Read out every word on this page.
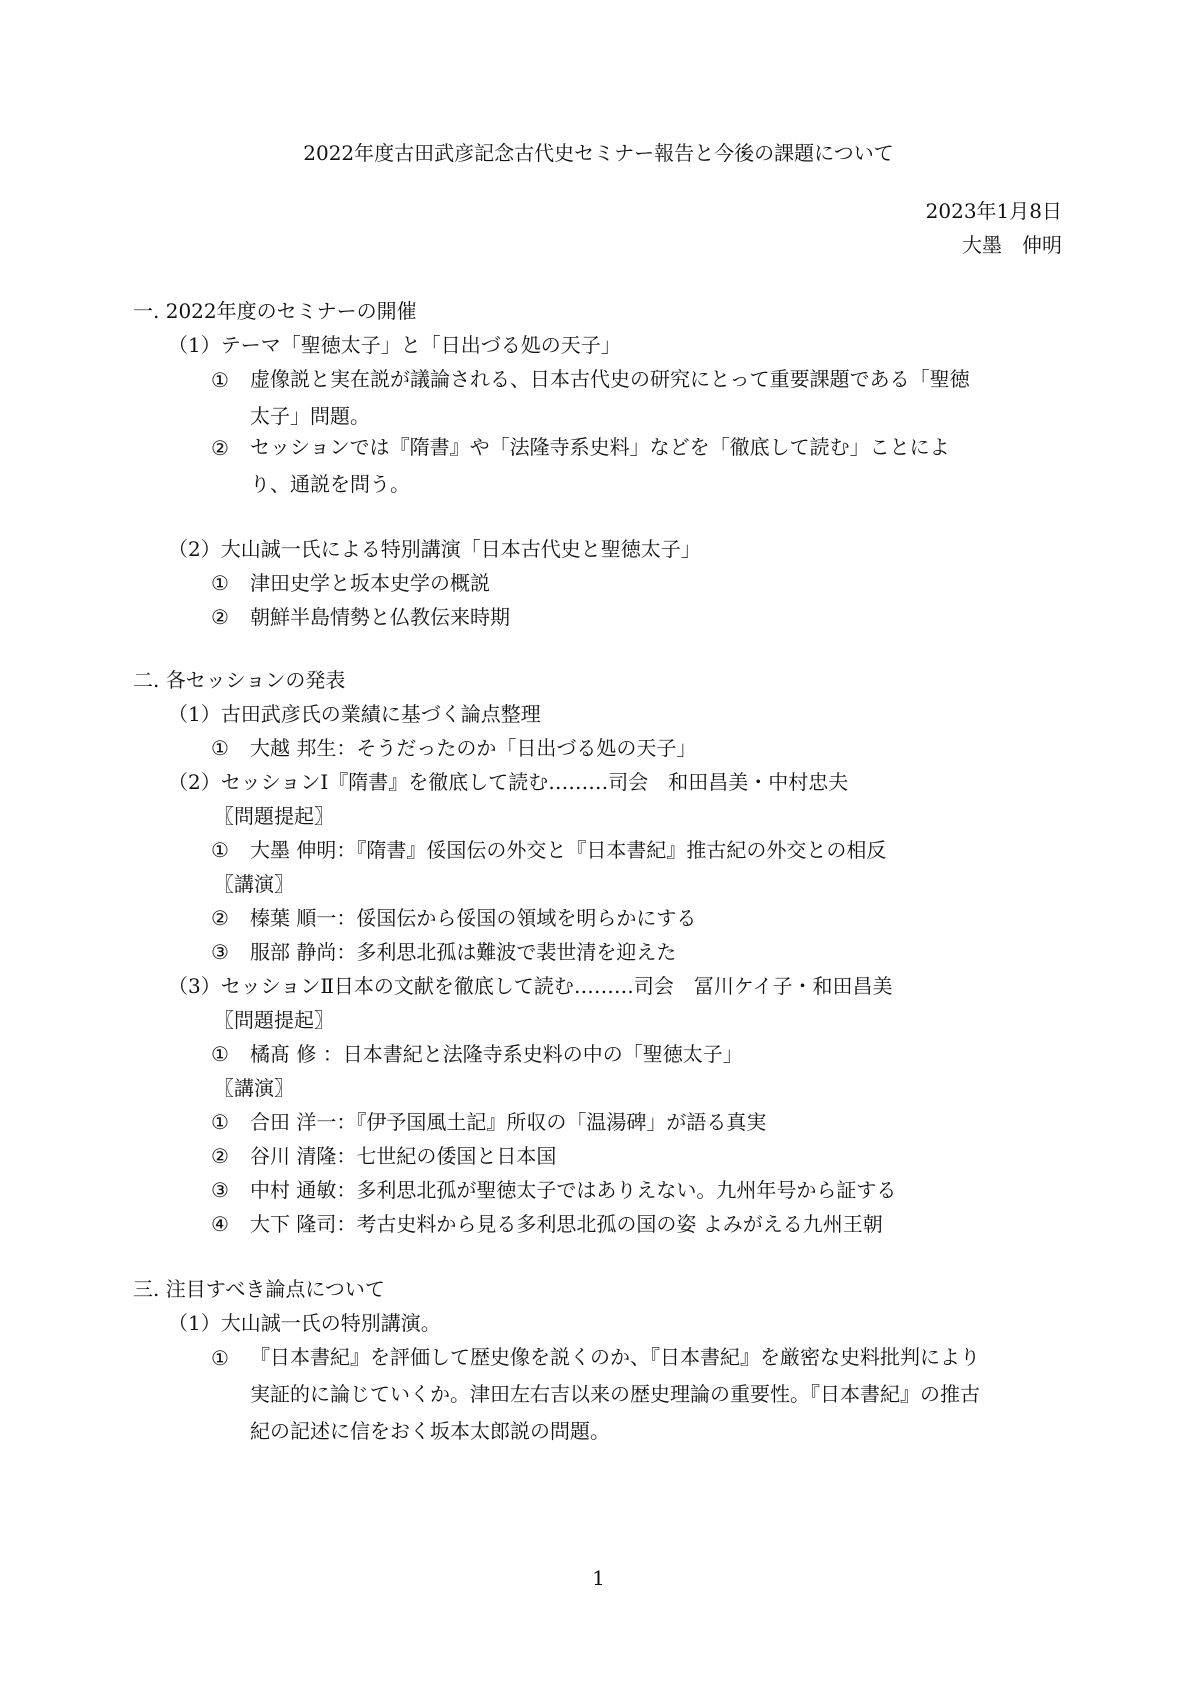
2022年度古田武彦記念古代史セミナー報告と今後の課題について
2023年1月8日
大墨　伸明
一. 2022年度のセミナーの開催
（1）テーマ「聖徳太子」と「日出づる処の天子」
① 虚像説と実在説が議論される、日本古代史の研究にとって重要課題である「聖徳太子」問題。
② セッションでは『隋書』や「法隆寺系史料」などを「徹底して読む」ことにより、通説を問う。
（2）大山誠一氏による特別講演「日本古代史と聖徳太子」
① 津田史学と坂本史学の概説
② 朝鮮半島情勢と仏教伝来時期
二. 各セッションの発表
（1）古田武彦氏の業績に基づく論点整理
① 大越 邦生：そうだったのか「日出づる処の天子」
（2）セッションⅠ『隋書』を徹底して読む………司会　和田昌美・中村忠夫
〖問題提起〗
① 大墨 伸明：『隋書』俀国伝の外交と『日本書紀』推古紀の外交との相反
〖講演〗
② 榛葉 順一：俀国伝から俀国の領域を明らかにする
③ 服部 静尚：多利思北孤は難波で裴世清を迎えた
（3）セッションⅡ日本の文献を徹底して読む………司会　冨川ケイ子・和田昌美
〖問題提起〗
① 橘髙 修 ：日本書紀と法隆寺系史料の中の「聖徳太子」
〖講演〗
① 合田 洋一：『伊予国風土記』所収の「温湯碑」が語る真実
② 谷川 清隆：七世紀の倭国と日本国
③ 中村 通敏：多利思北孤が聖徳太子ではありえない。九州年号から証する
④ 大下 隆司：考古史料から見る多利思北孤の国の姿 よみがえる九州王朝
三. 注目すべき論点について
（1）大山誠一氏の特別講演。
① 『日本書紀』を評価して歴史像を説くのか、『日本書紀』を厳密な史料批判により実証的に論じていくか。津田左右吉以来の歴史理論の重要性。『日本書紀』の推古紀の記述に信をおく坂本太郎説の問題。
1
